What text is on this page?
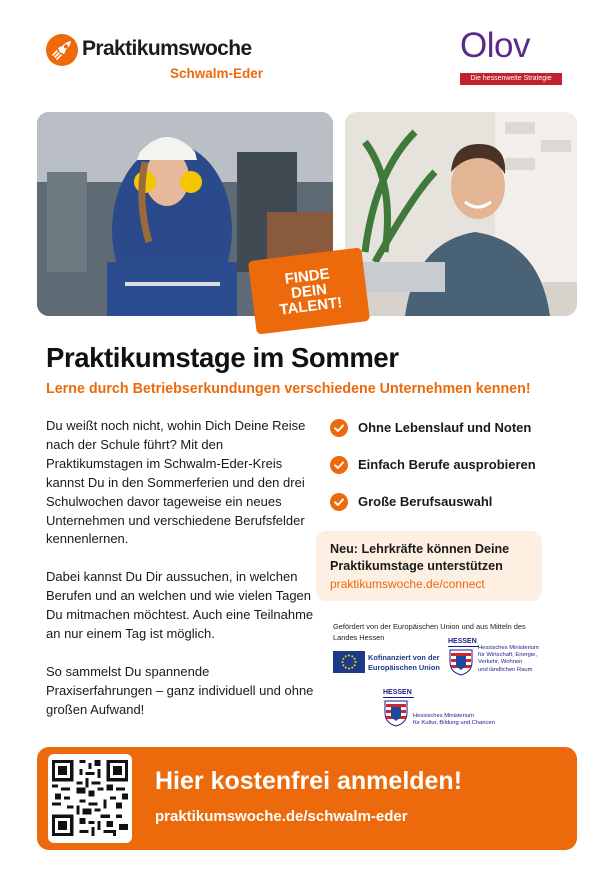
Praktikumswoche
Schwalm-Eder
Olov
Die hessenweite Strategie
FINDE
DEIN
TALENT!
Praktikumstage im Sommer
Lerne durch Betriebserkundungen verschiedene Unternehmen kennen!

Du weißt noch nicht, wohin Dich Deine Reise nach der Schule führt? Mit den Praktikumstagen im Schwalm-Eder-Kreis kannst Du in den Sommerferien und den drei Schulwochen davor tageweise ein neues Unternehmen und verschiedene Berufsfelder kennenlernen.

Dabei kannst Du Dir aussuchen, in welchen Berufen und an welchen und wie vielen Tagen Du mitmachen möchtest. Auch eine Teilnahme an nur einem Tag ist möglich.

So sammelst Du spannende Praxiserfahrungen – ganz individuell und ohne großen Aufwand!

Ohne Lebenslauf und Noten
Einfach Berufe ausprobieren
Große Berufsauswahl
Neu: Lehrkräfte können Deine Praktikumstage unterstützen
praktikumswoche.de/connect
Gefördert von der Europäischen Union und aus Mitteln des Landes Hessen
Kofinanziert von der
Europäischen Union
HESSEN
Hessisches Ministerium
für Wirtschaft, Energie,
Verkehr, Wohnen
und ländlichen Raum
HESSEN
Hessisches Ministerium
für Kultur, Bildung und Chancen
Hier kostenfrei anmelden!
praktikumswoche.de/schwalm-eder
